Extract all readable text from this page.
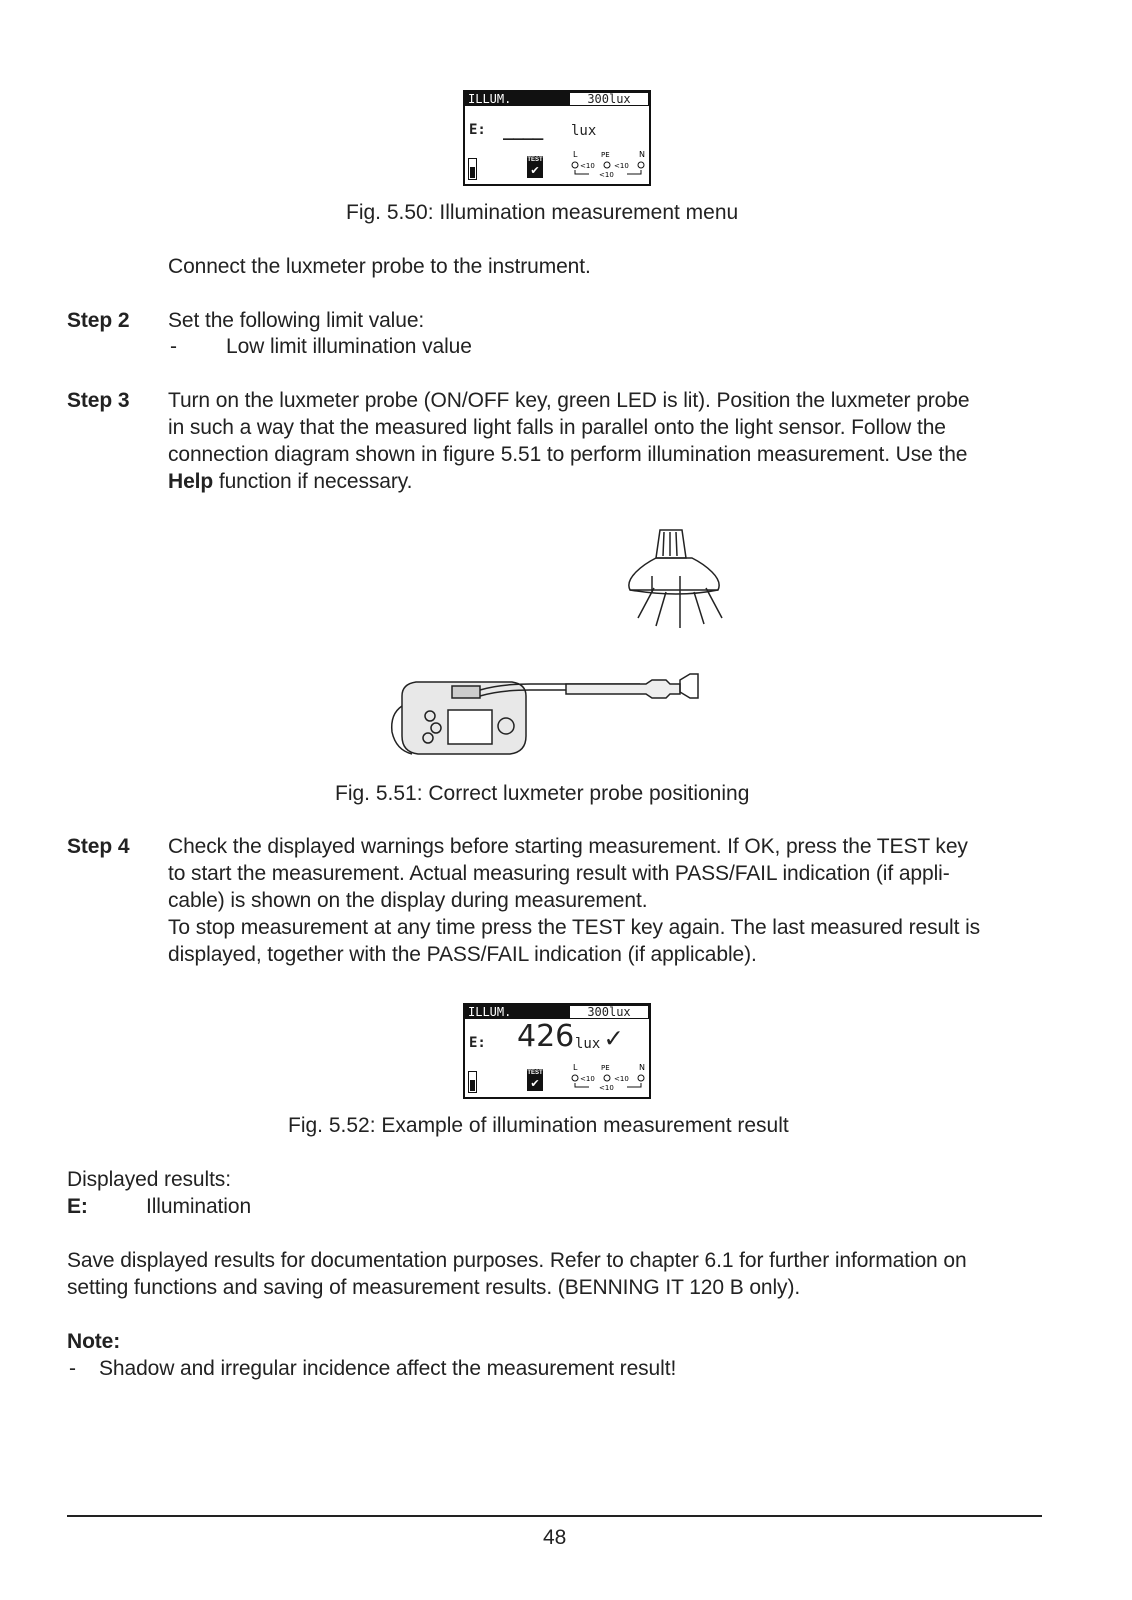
ILLUM.	300lux
E: ____ lux
TEST
✔
L	PE	N
<10	<10
<10
Fig. 5.50: Illumination measurement menu
Connect the luxmeter probe to the instrument.
Step 2 Set the following limit value:
- Low limit illumination value
Step 3 Turn on the luxmeter probe (ON/OFF key, green LED is lit). Position the luxmeter probe
in such a way that the measured light falls in parallel onto the light sensor. Follow the
connection diagram shown in figure 5.51 to perform illumination measurement. Use the
Help function if necessary.
Fig. 5.51: Correct luxmeter probe positioning
Step 4 Check the displayed warnings before starting measurement. If OK, press the TEST key
to start the measurement. Actual measuring result with PASS/FAIL indication (if appli-
cable) is shown on the display during measurement.
To stop measurement at any time press the TEST key again. The last measured result is
displayed, together with the PASS/FAIL indication (if applicable).
ILLUM.	300lux
E: 426 lux ✓
TEST
✔
L	PE	N
<10	<10
<10
Fig. 5.52: Example of illumination measurement result
Displayed results:
E:	Illumination
Save displayed results for documentation purposes. Refer to chapter 6.1 for further information on
setting functions and saving of measurement results. (BENNING IT 120 B only).
Note:
- Shadow and irregular incidence affect the measurement result!
48
